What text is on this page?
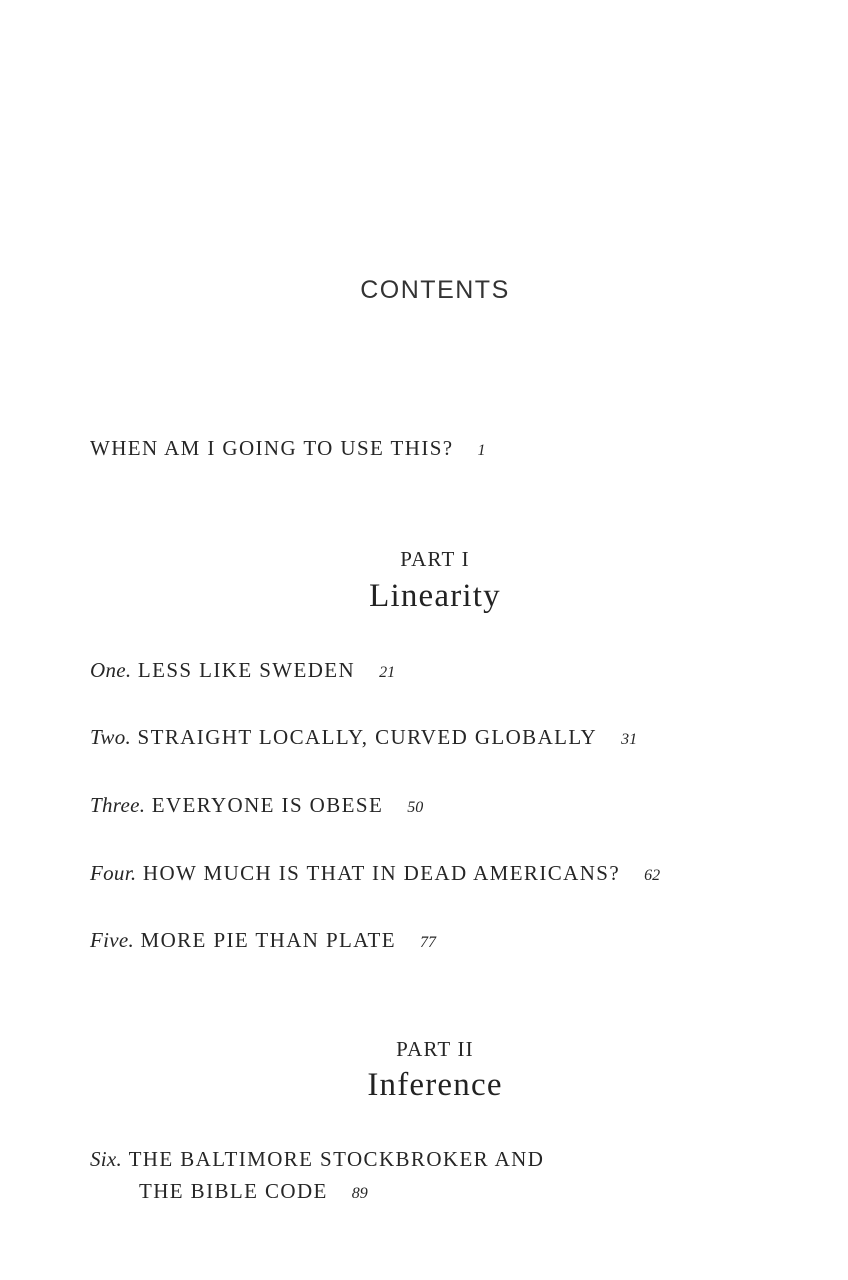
CONTENTS
WHEN AM I GOING TO USE THIS? 1
PART I
Linearity
One. LESS LIKE SWEDEN 21
Two. STRAIGHT LOCALLY, CURVED GLOBALLY 31
Three. EVERYONE IS OBESE 50
Four. HOW MUCH IS THAT IN DEAD AMERICANS? 62
Five. MORE PIE THAN PLATE 77
PART II
Inference
Six. THE BALTIMORE STOCKBROKER AND
THE BIBLE CODE 89
